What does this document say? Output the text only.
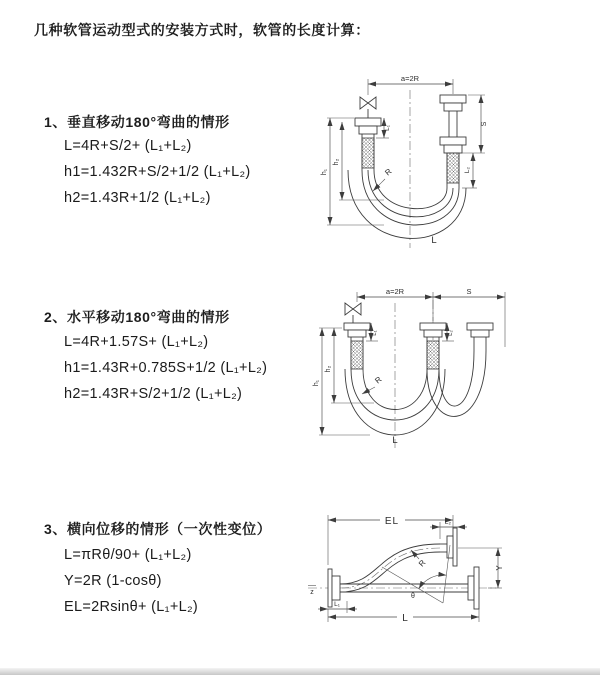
几种软管运动型式的安装方式时，软管的长度计算：
1、垂直移动180°弯曲的情形
L=4R+S/2+ (L₁+L₂)
h1=1.432R+S/2+1/2 (L₁+L₂)
h2=1.43R+1/2 (L₁+L₂)
2、水平移动180°弯曲的情形
L=4R+1.57S+ (L₁+L₂)
h1=1.43R+0.785S+1/2 (L₁+L₂)
h2=1.43R+S/2+1/2 (L₁+L₂)
3、横向位移的情形（一次性变位）
L=πRθ/90+ (L₁+L₂)
Y=2R (1-cosθ)
EL=2Rsinθ+ (L₁+L₂)
a=2R
R
L
h₁
h₂
L₁
S
L₂
a=2R	S
R
L
h₁
h₂
L₁	L₂
EL	L₂
Y
θ
R
L
L₁
z
